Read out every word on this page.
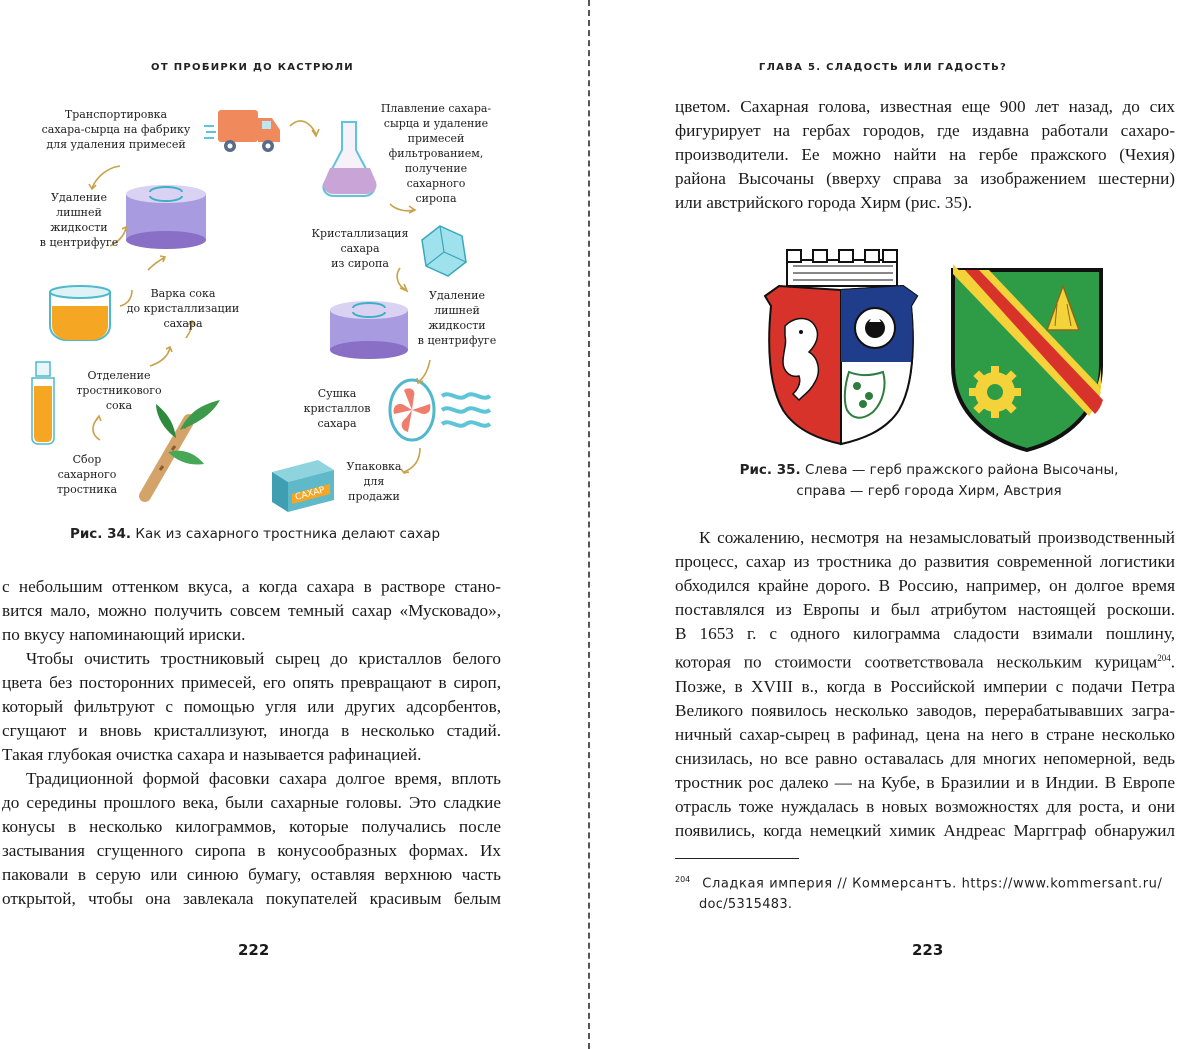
ОТ ПРОБИРКИ ДО КАСТРЮЛИ
САХАР
Транспортировка
сахара-сырца на фабрику
для удаления примесей
Плавление сахара-
сырца и удаление
примесей
фильтрованием,
получение
сахарного
сиропа
Удаление
лишней
жидкости
в центрифуге
Кристаллизация
сахара
из сиропа
Варка сока
до кристаллизации
сахара
Удаление
лишней
жидкости
в центрифуге
Отделение
тростникового
сока
Сушка
кристаллов
сахара
Сбор
сахарного
тростника
Упаковка
для
продажи
Рис. 34. Как из сахарного тростника делают сахар

с небольшим оттенком вкуса, а когда сахара в растворе стано-
вится мало, можно получить совсем темный сахар «Мусковадо»,
по вкусу напоминающий ириски.

Чтобы очистить тростниковый сырец до кристаллов белого
цвета без посторонних примесей, его опять превращают в сироп,
который фильтруют с помощью угля или других адсорбентов,
сгущают и вновь кристаллизуют, иногда в несколько стадий.
Такая глубокая очистка сахара и называется рафинацией.

Традиционной формой фасовки сахара долгое время, вплоть
до середины прошлого века, были сахарные головы. Это сладкие
конусы в несколько килограммов, которые получались после
застывания сгущенного сиропа в конусообразных формах. Их
паковали в серую или синюю бумагу, оставляя верхнюю часть
открытой, чтобы она завлекала покупателей красивым белым

222
ГЛАВА 5. СЛАДОСТЬ ИЛИ ГАДОСТЬ?

цветом. Сахарная голова, известная еще 900 лет назад, до сих
фигурирует на гербах городов, где издавна работали сахаро-
производители. Ее можно найти на гербе пражского (Чехия)
района Высочаны (вверху справа за изображением шестерни)
или австрийского города Хирм (рис. 35).

Рис. 35. Слева — герб пражского района Высочаны,
справа — герб города Хирм, Австрия

К сожалению, несмотря на незамысловатый производственный
процесс, сахар из тростника до развития современной логистики
обходился крайне дорого. В Россию, например, он долгое время
поставлялся из Европы и был атрибутом настоящей роскоши.
В 1653 г. с одного килограмма сладости взимали пошлину,
которая по стоимости соответствовала нескольким курицам$^{204}$.
Позже, в XVIII в., когда в Российской империи с подачи Петра
Великого появилось несколько заводов, перерабатывавших загра-
ничный сахар-сырец в рафинад, цена на него в стране несколько
снизилась, но все равно оставалась для многих непомерной, ведь
тростник рос далеко — на Кубе, в Бразилии и в Индии. В Европе
отрасль тоже нуждалась в новых возможностях для роста, и они
появились, когда немецкий химик Андреас Маргграф обнаружил

$^{204}$ Сладкая империя // Коммерсантъ. https://www.kommersant.ru/
doc/5315483.
223
